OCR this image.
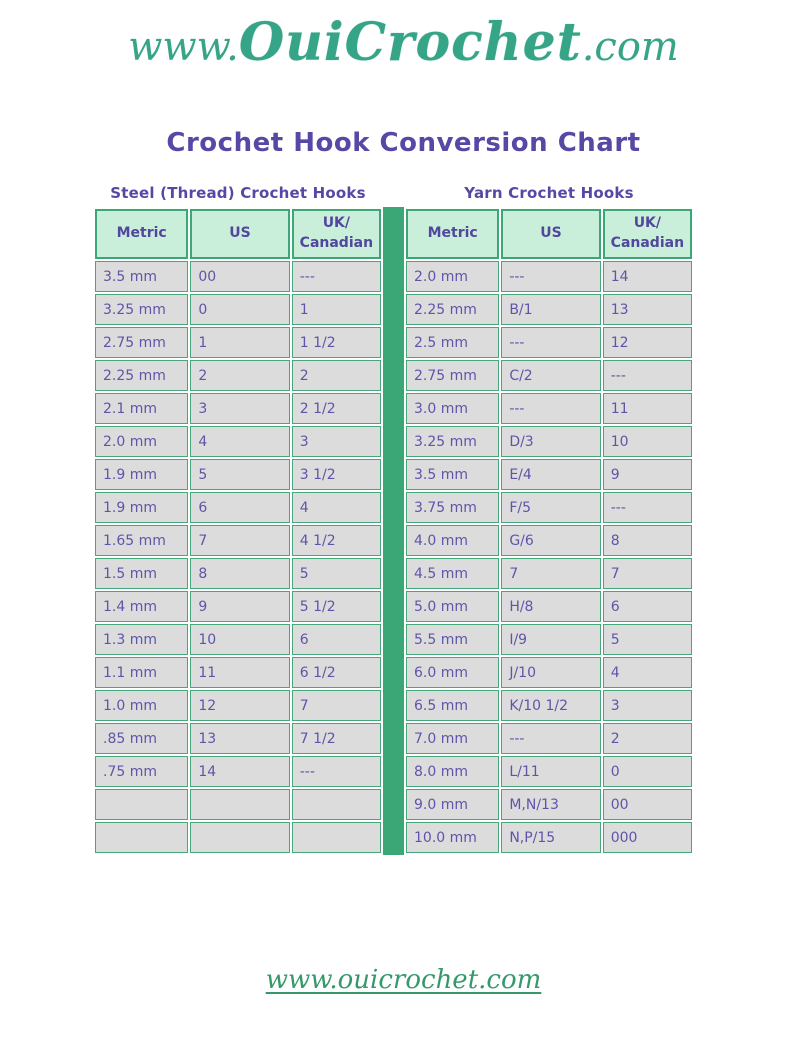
www.OuiCrochet.com
Crochet Hook Conversion Chart
Steel (Thread) Crochet Hooks	Yarn Crochet Hooks
Metric	US	UK/
Canadian
3.5 mm	00	---
3.25 mm	0	1
2.75 mm	1	1 1/2
2.25 mm	2	2
2.1 mm	3	2 1/2
2.0 mm	4	3
1.9 mm	5	3 1/2
1.9 mm	6	4
1.65 mm	7	4 1/2
1.5 mm	8	5
1.4 mm	9	5 1/2
1.3 mm	10	6
1.1 mm	11	6 1/2
1.0 mm	12	7
.85 mm	13	7 1/2
.75 mm	14	---

Metric	US	UK/
Canadian
2.0 mm	---	14
2.25 mm	B/1	13
2.5 mm	---	12
2.75 mm	C/2	---
3.0 mm	---	11
3.25 mm	D/3	10
3.5 mm	E/4	9
3.75 mm	F/5	---
4.0 mm	G/6	8
4.5 mm	7	7
5.0 mm	H/8	6
5.5 mm	I/9	5
6.0 mm	J/10	4
6.5 mm	K/10 1/2	3
7.0 mm	---	2
8.0 mm	L/11	0
9.0 mm	M,N/13	00
10.0 mm	N,P/15	000
www.ouicrochet.com
